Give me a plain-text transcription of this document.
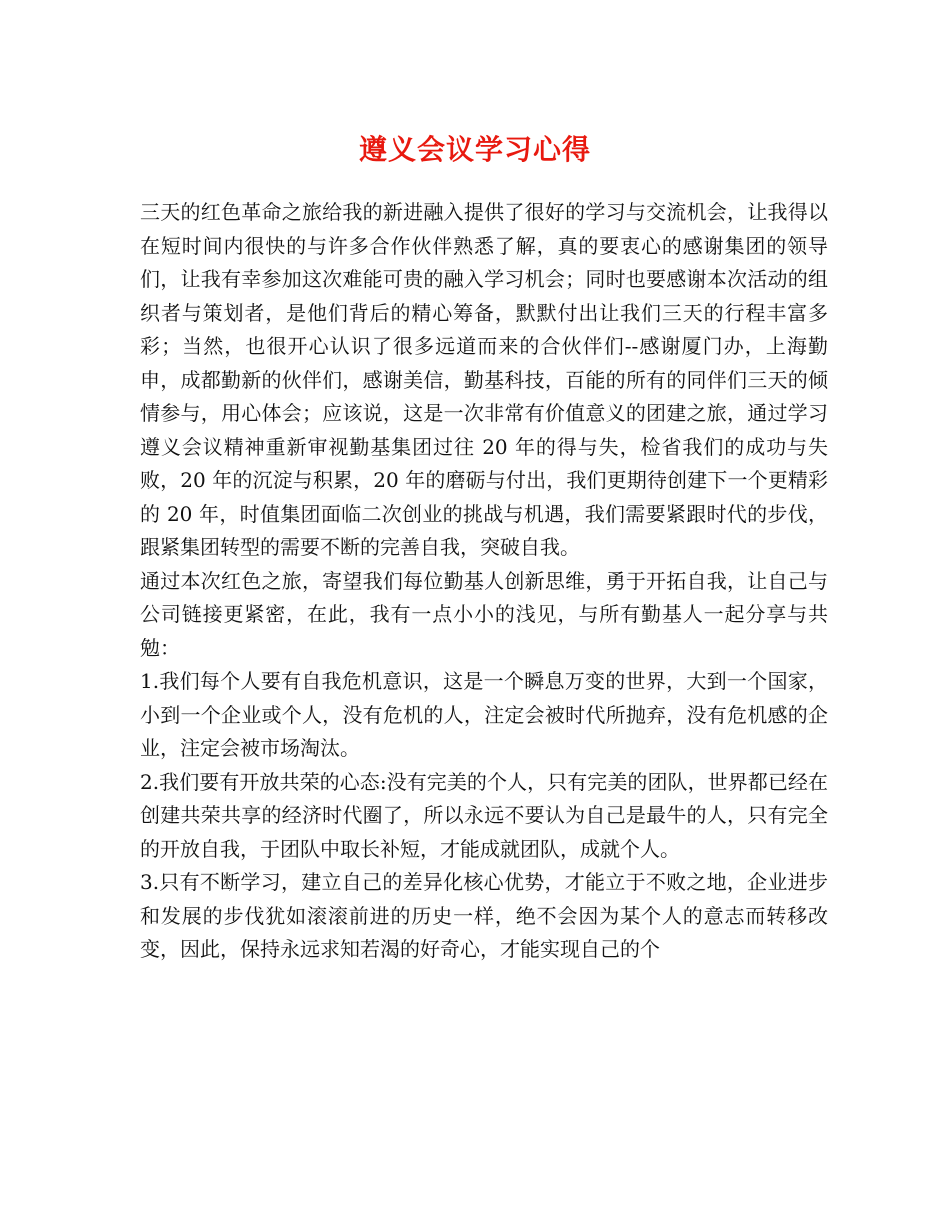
遵义会议学习心得

三天的红色革命之旅给我的新进融入提供了很好的学习与交流机会，让我得以在短时间内很快的与许多合作伙伴熟悉了解，真的要衷心的感谢集团的领导们，让我有幸参加这次难能可贵的融入学习机会；同时也要感谢本次活动的组织者与策划者，是他们背后的精心筹备，默默付出让我们三天的行程丰富多彩；当然，也很开心认识了很多远道而来的合伙伴们--感谢厦门办，上海勤申，成都勤新的伙伴们，感谢美信，勤基科技，百能的所有的同伴们三天的倾情参与，用心体会；应该说，这是一次非常有价值意义的团建之旅，通过学习遵义会议精神重新审视勤基集团过往 20 年的得与失，检省我们的成功与失败，20 年的沉淀与积累，20 年的磨砺与付出，我们更期待创建下一个更精彩的 20 年，时值集团面临二次创业的挑战与机遇，我们需要紧跟时代的步伐，跟紧集团转型的需要不断的完善自我，突破自我。

通过本次红色之旅，寄望我们每位勤基人创新思维，勇于开拓自我，让自己与公司链接更紧密，在此，我有一点小小的浅见，与所有勤基人一起分享与共勉：

1.我们每个人要有自我危机意识，这是一个瞬息万变的世界，大到一个国家，小到一个企业或个人，没有危机的人，注定会被时代所抛弃，没有危机感的企业，注定会被市场淘汰。

2.我们要有开放共荣的心态:没有完美的个人，只有完美的团队，世界都已经在创建共荣共享的经济时代圈了，所以永远不要认为自己是最牛的人，只有完全的开放自我，于团队中取长补短，才能成就团队，成就个人。

3.只有不断学习，建立自己的差异化核心优势，才能立于不败之地，企业进步和发展的步伐犹如滚滚前进的历史一样，绝不会因为某个人的意志而转移改变，因此，保持永远求知若渴的好奇心，才能实现自己的个
